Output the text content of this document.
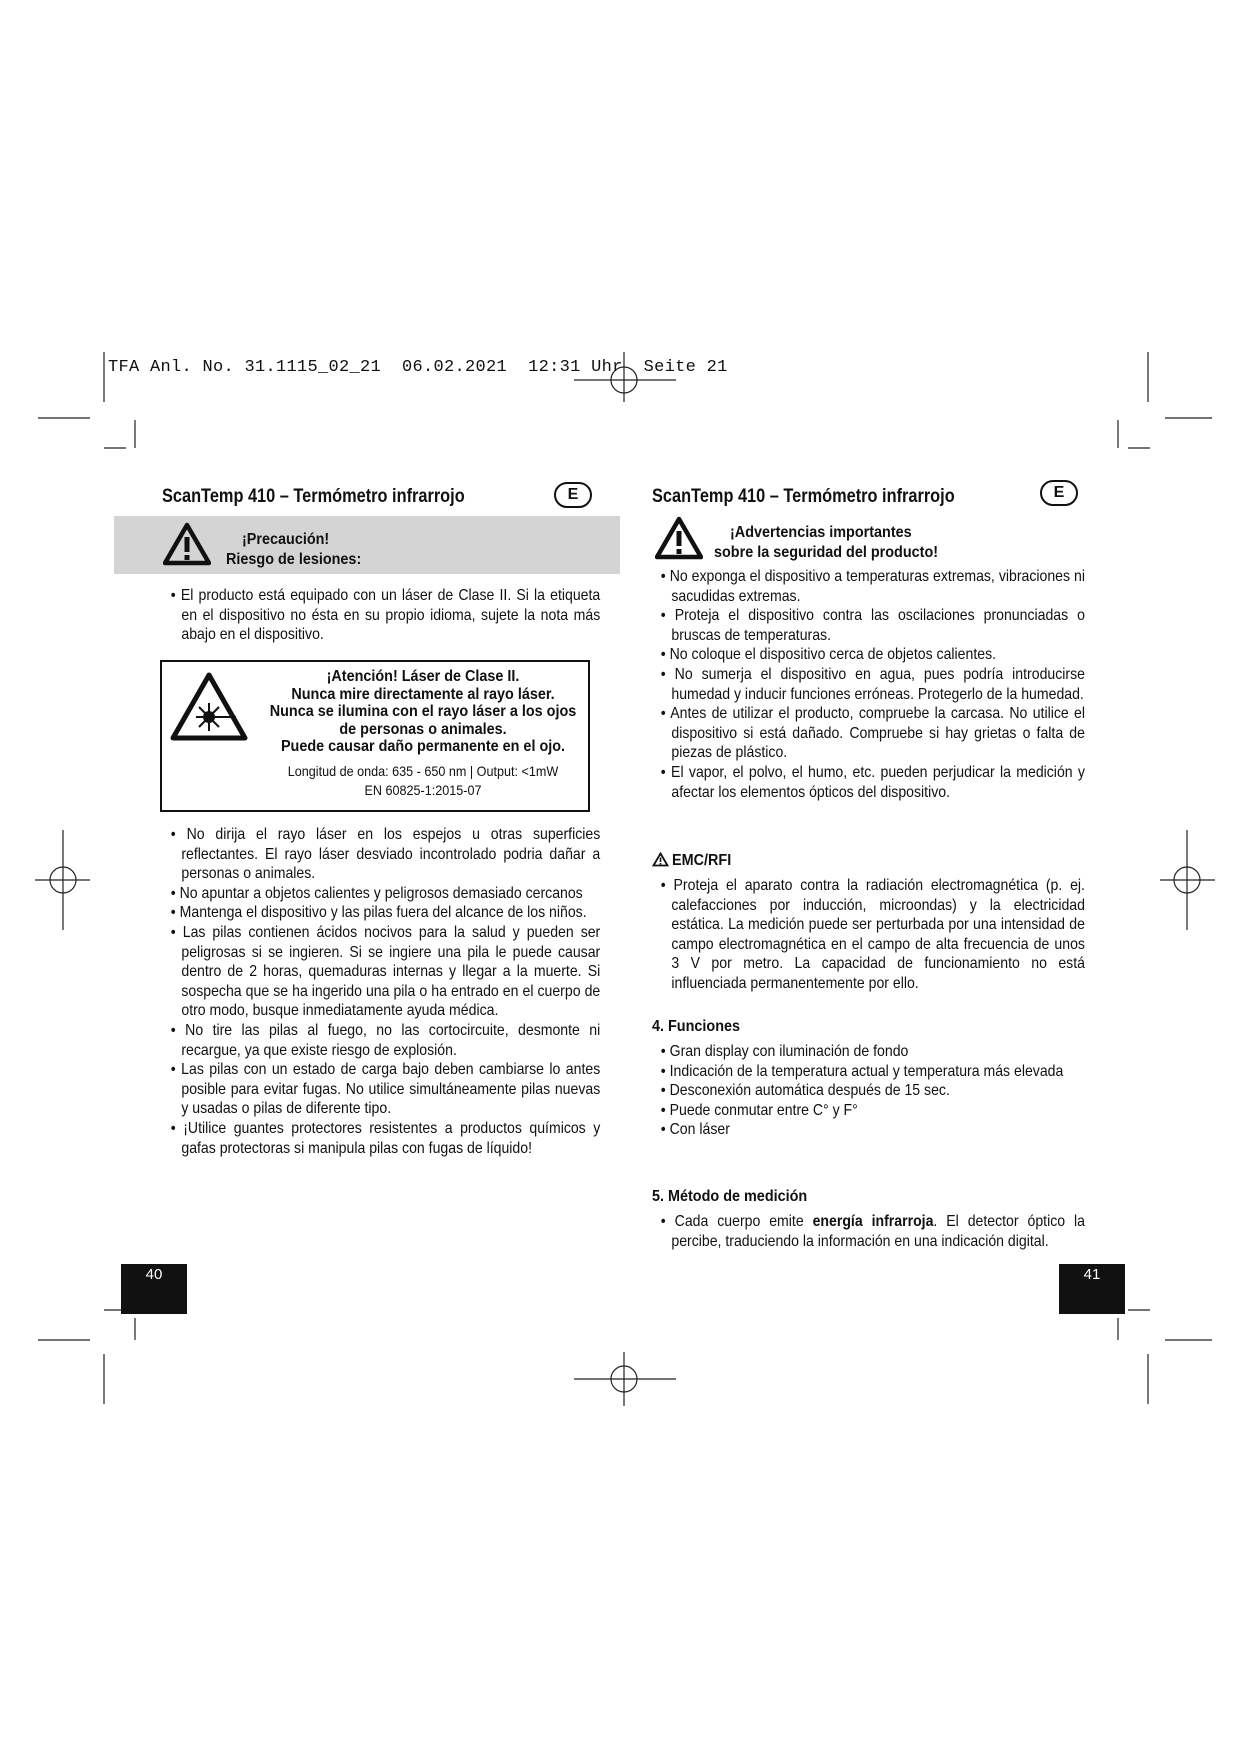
TFA Anl. No. 31.1115_02_21  06.02.2021  12:31 Uhr  Seite 21
ScanTemp 410 – Termómetro infrarrojo	E
¡Precaución!
Riesgo de lesiones:
• El producto está equipado con un láser de Clase II. Si la etiqueta en el dispositivo no ésta en su propio idioma, sujete la nota más abajo en el dispositivo.
¡Atención! Láser de Clase II.
Nunca mire directamente al rayo láser.
Nunca se ilumina con el rayo láser a los ojos
de personas o animales.
Puede causar daño permanente en el ojo.
Longitud de onda: 635 - 650 nm | Output: <1mW
EN 60825-1:2015-07
• No dirija el rayo láser en los espejos u otras superficies reflectantes. El rayo láser desviado incontrolado podria dañar a personas o animales.
• No apuntar a objetos calientes y peligrosos demasiado cercanos
• Mantenga el dispositivo y las pilas fuera del alcance de los niños.
• Las pilas contienen ácidos nocivos para la salud y pueden ser peligrosas si se ingieren. Si se ingiere una pila le puede causar dentro de 2 horas, quemaduras internas y llegar a la muerte. Si sospecha que se ha ingerido una pila o ha entrado en el cuerpo de otro modo, busque inmediatamente ayuda médica.
• No tire las pilas al fuego, no las cortocircuite, desmonte ni recargue, ya que existe riesgo de explosión.
• Las pilas con un estado de carga bajo deben cambiarse lo antes posible para evitar fugas. No utilice simultáneamente pilas nuevas y usadas o pilas de diferente tipo.
• ¡Utilice guantes protectores resistentes a productos químicos y gafas protectoras si manipula pilas con fugas de líquido!
40
ScanTemp 410 – Termómetro infrarrojo	E
¡Advertencias importantes
sobre la seguridad del producto!
• No exponga el dispositivo a temperaturas extremas, vibraciones ni sacudidas extremas.
• Proteja el dispositivo contra las oscilaciones pronunciadas o bruscas de temperaturas.
• No coloque el dispositivo cerca de objetos calientes.
• No sumerja el dispositivo en agua, pues podría introducirse humedad y inducir funciones erróneas. Protegerlo de la humedad.
• Antes de utilizar el producto, compruebe la carcasa. No utilice el dispositivo si está dañado. Compruebe si hay grietas o falta de piezas de plástico.
• El vapor, el polvo, el humo, etc. pueden perjudicar la medición y afectar los elementos ópticos del dispositivo.
EMC/RFI
• Proteja el aparato contra la radiación electromagnética (p. ej. calefacciones por inducción, microondas) y la electricidad estática. La medición puede ser perturbada por una intensidad de campo electromagnética en el campo de alta frecuencia de unos 3 V por metro. La capacidad de funcionamiento no está influenciada permanentemente por ello.
4. Funciones
• Gran display con iluminación de fondo
• Indicación de la temperatura actual y temperatura más elevada
• Desconexión automática después de 15 sec.
• Puede conmutar entre C° y F°
• Con láser
5. Método de medición
• Cada cuerpo emite energía infrarroja. El detector óptico la percibe, traduciendo la información en una indicación digital.
41
